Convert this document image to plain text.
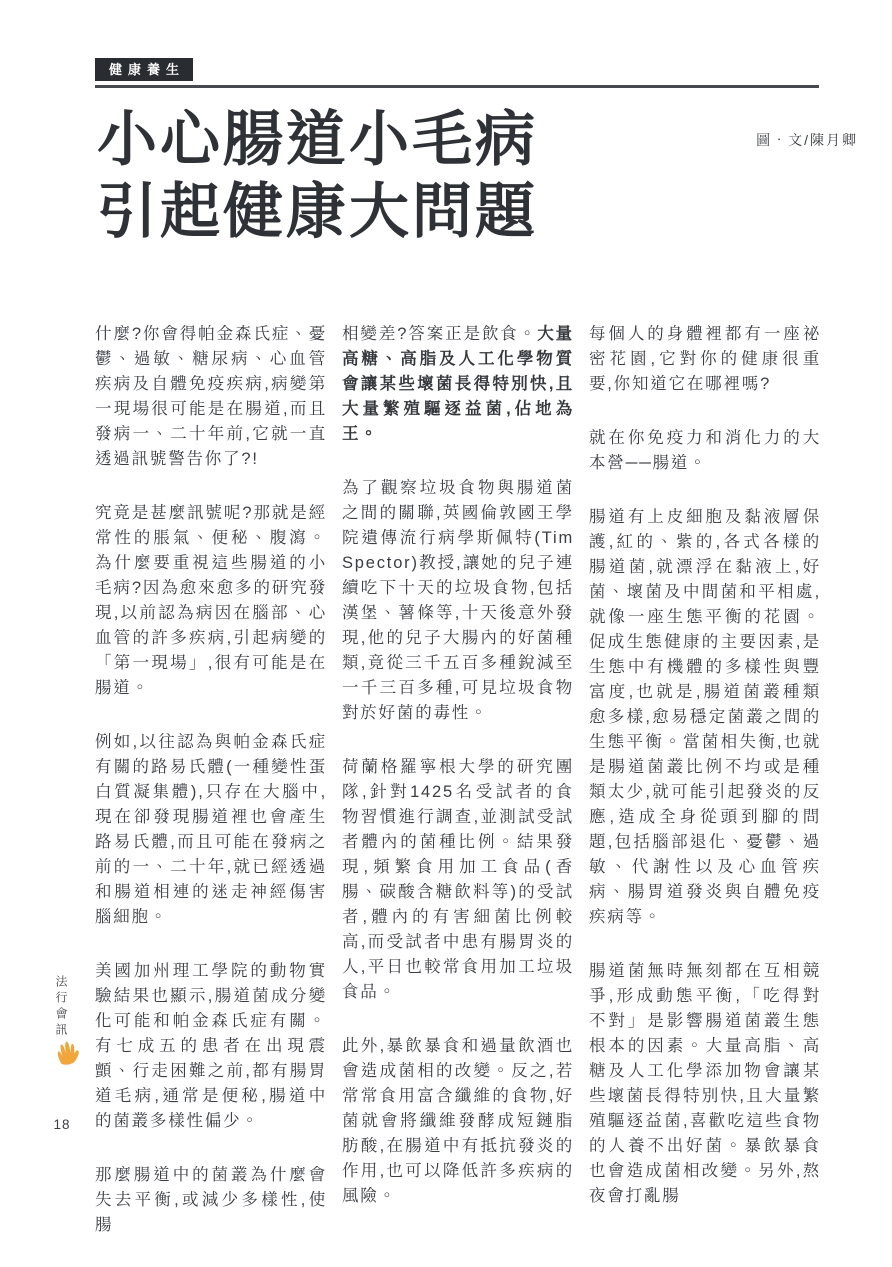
健康養生
小心腸道小毛病
引起健康大問題
圖‧文/陳月卿

什麼?你會得帕金森氏症、憂鬱、過敏、糖尿病、心血管疾病及自體免疫疾病,病變第一現場很可能是在腸道,而且發病一、二十年前,它就一直透過訊號警告你了?!

究竟是甚麼訊號呢?那就是經常性的脹氣、便秘、腹瀉。為什麼要重視這些腸道的小毛病?因為愈來愈多的研究發現,以前認為病因在腦部、心血管的許多疾病,引起病變的「第一現場」,很有可能是在腸道。

例如,以往認為與帕金森氏症有關的路易氏體(一種變性蛋白質凝集體),只存在大腦中,現在卻發現腸道裡也會產生路易氏體,而且可能在發病之前的一、二十年,就已經透過和腸道相連的迷走神經傷害腦細胞。

美國加州理工學院的動物實驗結果也顯示,腸道菌成分變化可能和帕金森氏症有關。有七成五的患者在出現震顫、行走困難之前,都有腸胃道毛病,通常是便秘,腸道中的菌叢多樣性偏少。

那麼腸道中的菌叢為什麼會失去平衡,或減少多樣性,使腸

相變差?答案正是飲食。大量高糖、高脂及人工化學物質會讓某些壞菌長得特別快,且大量繁殖驅逐益菌,佔地為王。

為了觀察垃圾食物與腸道菌之間的關聯,英國倫敦國王學院遺傳流行病學斯佩特(Tim Spector)教授,讓她的兒子連續吃下十天的垃圾食物,包括漢堡、薯條等,十天後意外發現,他的兒子大腸內的好菌種類,竟從三千五百多種銳減至一千三百多種,可見垃圾食物對於好菌的毒性。

荷蘭格羅寧根大學的研究團隊,針對1425名受試者的食物習慣進行調查,並測試受試者體內的菌種比例。結果發現,頻繁食用加工食品(香腸、碳酸含糖飲料等)的受試者,體內的有害細菌比例較高,而受試者中患有腸胃炎的人,平日也較常食用加工垃圾食品。

此外,暴飲暴食和過量飲酒也會造成菌相的改變。反之,若常常食用富含纖維的食物,好菌就會將纖維發酵成短鏈脂肪酸,在腸道中有抵抗發炎的作用,也可以降低許多疾病的風險。

每個人的身體裡都有一座祕密花園,它對你的健康很重要,你知道它在哪裡嗎?

就在你免疫力和消化力的大本營──腸道。

腸道有上皮細胞及黏液層保護,紅的、紫的,各式各樣的腸道菌,就漂浮在黏液上,好菌、壞菌及中間菌和平相處,就像一座生態平衡的花園。促成生態健康的主要因素,是生態中有機體的多樣性與豐富度,也就是,腸道菌叢種類愈多樣,愈易穩定菌叢之間的生態平衡。當菌相失衡,也就是腸道菌叢比例不均或是種類太少,就可能引起發炎的反應,造成全身從頭到腳的問題,包括腦部退化、憂鬱、過敏、代謝性以及心血管疾病、腸胃道發炎與自體免疫疾病等。

腸道菌無時無刻都在互相競爭,形成動態平衡,「吃得對不對」是影響腸道菌叢生態根本的因素。大量高脂、高糖及人工化學添加物會讓某些壞菌長得特別快,且大量繁殖驅逐益菌,喜歡吃這些食物的人養不出好菌。暴飲暴食也會造成菌相改變。另外,熬夜會打亂腸

法行會訊
18
